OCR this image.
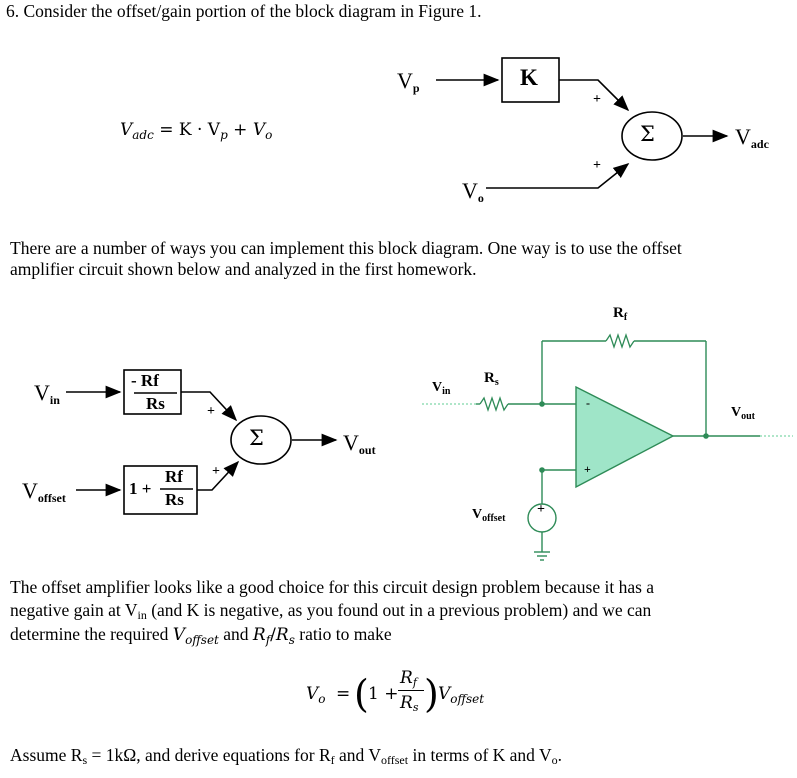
6. Consider the offset/gain portion of the block diagram in Figure 1.
$V_{adc} = K \cdot V_p + V_o$
$V_p$	K
+
Σ
+
$V_{adc}$
$V_o$
There are a number of ways you can implement this block diagram. One way is to use the offset
amplifier circuit shown below and analyzed in the first homework.
$V_{in}$
- Rf
Rs	+
Σ
+
$V_{out}$
$V_{offset}$	1 +
Rf
Rs
$R_f$
$R_s$
$V_{in}$
$V_{out}$
$V_{offset}$
-
+
+
The offset amplifier looks like a good choice for this circuit design problem because it has a
negative gain at Vin (and K is negative, as you found out in a previous problem) and we can
determine the required $V_{offset}$ and $R_f/R_s$ ratio to make
$V_o$ = ( 1 +
Rf
Rs ) $V_{offset}$
Assume Rs = 1kΩ, and derive equations for Rf and Voffset in terms of K and Vo.
